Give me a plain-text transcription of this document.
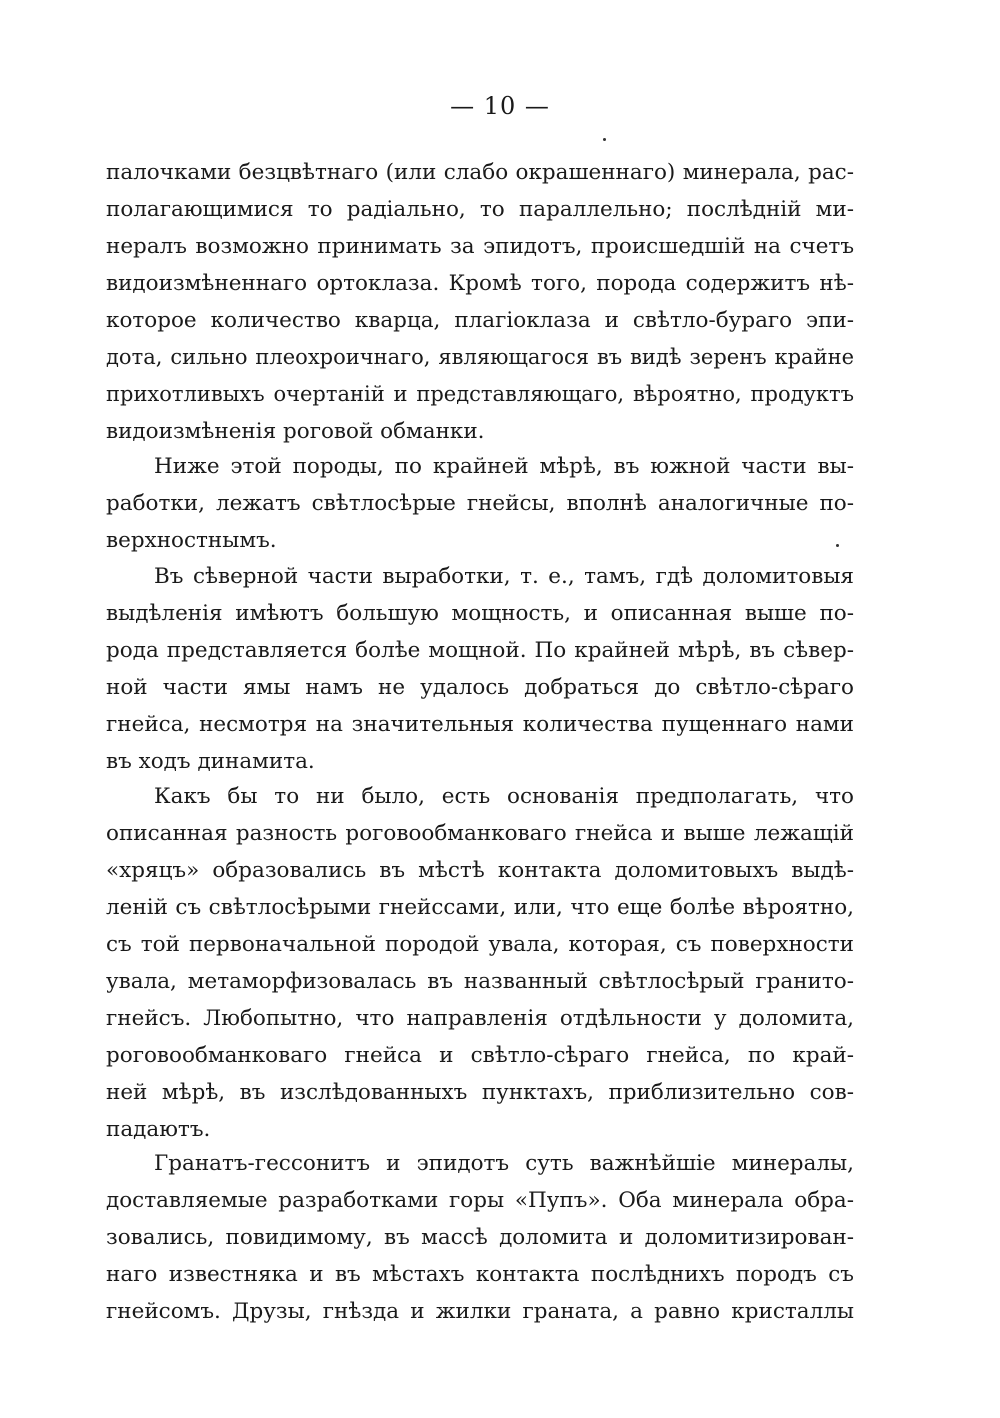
— 10 —
палочками безцвѣтнаго (или слабо окрашеннаго) минерала, рас-
полагающимися то радіально, то параллельно; послѣдній ми-
нералъ возможно принимать за эпидотъ, происшедшій на счетъ
видоизмѣненнаго ортоклаза. Кромѣ того, порода содержитъ нѣ-
которое количество кварца, плагіоклаза и свѣтло-бураго эпи-
дота, сильно плеохроичнаго, являющагося въ видѣ зеренъ крайне
прихотливыхъ очертаній и представляющаго, вѣроятно, продуктъ
видоизмѣненія роговой обманки.
Ниже этой породы, по крайней мѣрѣ, въ южной части вы-
работки, лежатъ свѣтлосѣрые гнейсы, вполнѣ аналогичные по-
верхностнымъ.
Въ сѣверной части выработки, т. е., тамъ, гдѣ доломитовыя
выдѣленія имѣютъ большую мощность, и описанная выше по-
рода представляется болѣе мощной. По крайней мѣрѣ, въ сѣвер-
ной части ямы намъ не удалось добраться до свѣтло-сѣраго
гнейса, несмотря на значительныя количества пущеннаго нами
въ ходъ динамита.
Какъ бы то ни было, есть основанія предполагать, что
описанная разность роговообманковаго гнейса и выше лежащій
«хряцъ» образовались въ мѣстѣ контакта доломитовыхъ выдѣ-
леній съ свѣтлосѣрыми гнейссами, или, что еще болѣе вѣроятно,
съ той первоначальной породой увала, которая, съ поверхности
увала, метаморфизовалась въ названный свѣтлосѣрый гранито-
гнейсъ. Любопытно, что направленія отдѣльности у доломита,
роговообманковаго гнейса и свѣтло-сѣраго гнейса, по край-
ней мѣрѣ, въ изслѣдованныхъ пунктахъ, приблизительно сов-
падаютъ.
Гранатъ-гессонитъ и эпидотъ суть важнѣйшіе минералы,
доставляемые разработками горы «Пупъ». Оба минерала обра-
зовались, повидимому, въ массѣ доломита и доломитизирован-
наго известняка и въ мѣстахъ контакта послѣднихъ породъ съ
гнейсомъ. Друзы, гнѣзда и жилки граната, а равно кристаллы
